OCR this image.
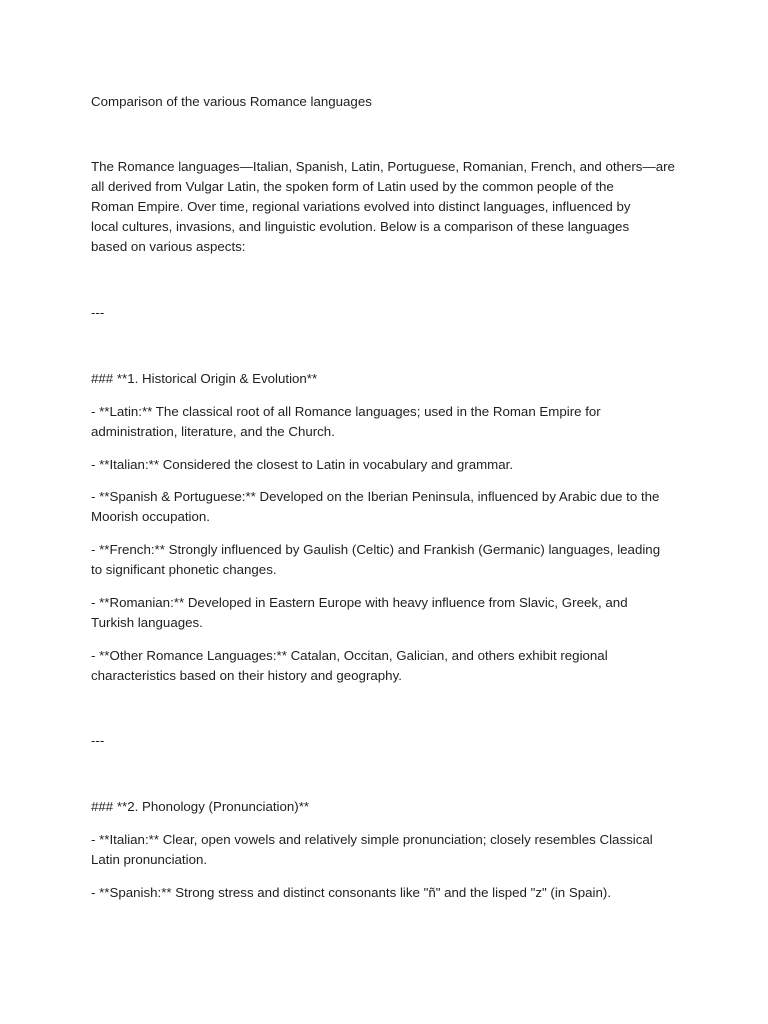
Comparison of the various Romance languages
The Romance languages—Italian, Spanish, Latin, Portuguese, Romanian, French, and others—are
all derived from Vulgar Latin, the spoken form of Latin used by the common people of the
Roman Empire. Over time, regional variations evolved into distinct languages, influenced by
local cultures, invasions, and linguistic evolution. Below is a comparison of these languages
based on various aspects:
---
### **1. Historical Origin & Evolution**
- **Latin:** The classical root of all Romance languages; used in the Roman Empire for
administration, literature, and the Church.
- **Italian:** Considered the closest to Latin in vocabulary and grammar.
- **Spanish & Portuguese:** Developed on the Iberian Peninsula, influenced by Arabic due to the
Moorish occupation.
- **French:** Strongly influenced by Gaulish (Celtic) and Frankish (Germanic) languages, leading
to significant phonetic changes.
- **Romanian:** Developed in Eastern Europe with heavy influence from Slavic, Greek, and
Turkish languages.
- **Other Romance Languages:** Catalan, Occitan, Galician, and others exhibit regional
characteristics based on their history and geography.
---
### **2. Phonology (Pronunciation)**
- **Italian:** Clear, open vowels and relatively simple pronunciation; closely resembles Classical
Latin pronunciation.
- **Spanish:** Strong stress and distinct consonants like "ñ" and the lisped "z" (in Spain).
